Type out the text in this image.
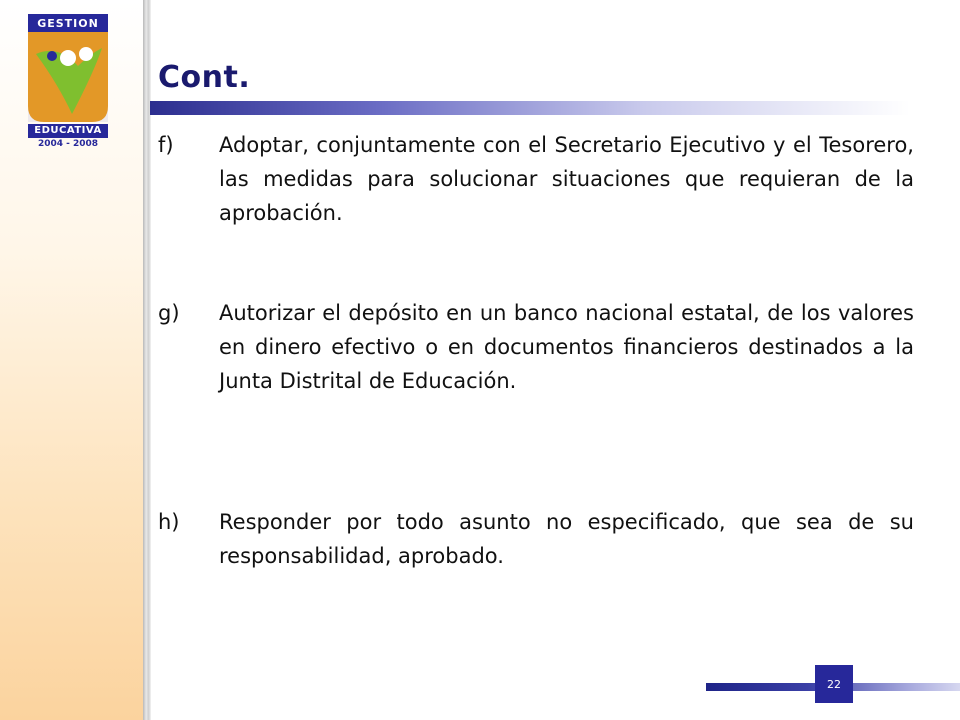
GESTION
EDUCATIVA
2004 - 2008
Cont.
f)	Adoptar, conjuntamente con el Secretario Ejecutivo y el Tesorero, las medidas para solucionar situaciones que requieran de la aprobación.
g)	Autorizar el depósito en un banco nacional estatal, de los valores en dinero efectivo o en documentos financieros destinados a la Junta Distrital de Educación.
h)	Responder por todo asunto no especificado, que sea de su responsabilidad, aprobado.
22
